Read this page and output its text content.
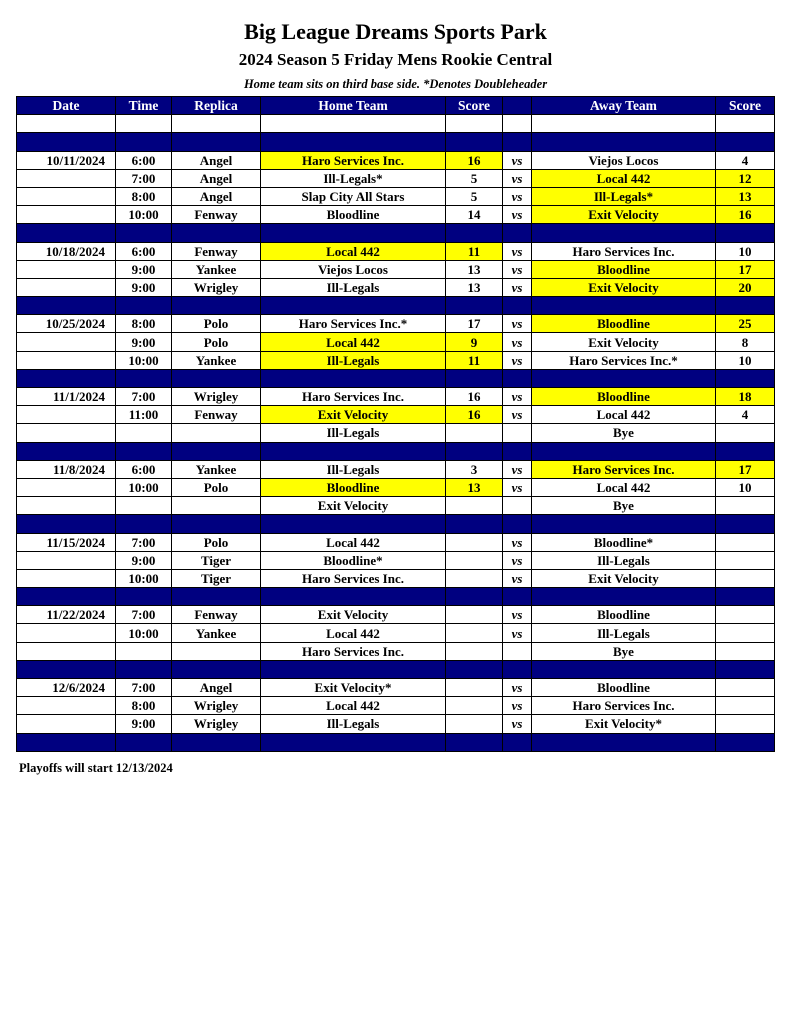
Big League Dreams Sports Park
2024 Season 5 Friday Mens Rookie Central
Home team sits on third base side. *Denotes Doubleheader
Date	Time	Replica	Home Team	Score		Away Team	Score

10/11/2024	6:00	Angel	Haro Services Inc.	16	vs	Viejos Locos	4
	7:00	Angel	Ill-Legals*	5	vs	Local 442	12
	8:00	Angel	Slap City All Stars	5	vs	Ill-Legals*	13
	10:00	Fenway	Bloodline	14	vs	Exit Velocity	16

10/18/2024	6:00	Fenway	Local 442	11	vs	Haro Services Inc.	10
	9:00	Yankee	Viejos Locos	13	vs	Bloodline	17
	9:00	Wrigley	Ill-Legals	13	vs	Exit Velocity	20

10/25/2024	8:00	Polo	Haro Services Inc.*	17	vs	Bloodline	25
	9:00	Polo	Local 442	9	vs	Exit Velocity	8
	10:00	Yankee	Ill-Legals	11	vs	Haro Services Inc.*	10

11/1/2024	7:00	Wrigley	Haro Services Inc.	16	vs	Bloodline	18
	11:00	Fenway	Exit Velocity	16	vs	Local 442	4
			Ill-Legals			Bye	

11/8/2024	6:00	Yankee	Ill-Legals	3	vs	Haro Services Inc.	17
	10:00	Polo	Bloodline	13	vs	Local 442	10
			Exit Velocity			Bye	

11/15/2024	7:00	Polo	Local 442		vs	Bloodline*	
	9:00	Tiger	Bloodline*		vs	Ill-Legals	
	10:00	Tiger	Haro Services Inc.		vs	Exit Velocity	

11/22/2024	7:00	Fenway	Exit Velocity		vs	Bloodline	
	10:00	Yankee	Local 442		vs	Ill-Legals	
			Haro Services Inc.			Bye	

12/6/2024	7:00	Angel	Exit Velocity*		vs	Bloodline	
	8:00	Wrigley	Local 442		vs	Haro Services Inc.	
	9:00	Wrigley	Ill-Legals		vs	Exit Velocity*	

Playoffs will start 12/13/2024
